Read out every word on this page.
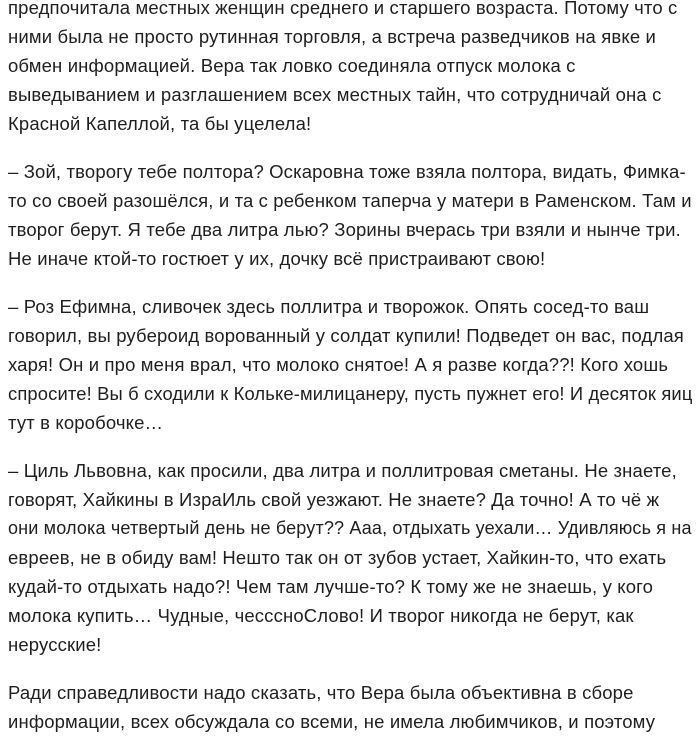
предпочитала местных женщин среднего и старшего возраста. Потому что с
ними была не просто рутинная торговля, а встреча разведчиков на явке и
обмен информацией. Вера так ловко соединяла отпуск молока с
выведыванием и разглашением всех местных тайн, что сотрудничай она с
Красной Капеллой, та бы уцелела!

– Зой, творогу тебе полтора? Оскаровна тоже взяла полтора, видать, Фимка-
то со своей разошёлся, и та с ребенком таперча у матери в Раменском. Там и
творог берут. Я тебе два литра лью? Зорины вчерась три взяли и нынче три.
Не иначе ктой-то гостюет у их, дочку всё пристраивают свою!

– Роз Ефимна, сливочек здесь поллитра и творожок. Опять сосед-то ваш
говорил, вы рубероид ворованный у солдат купили! Подведет он вас, подлая
харя! Он и про меня врал, что молоко снятое! А я разве когда??! Кого хошь
спросите! Вы б сходили к Кольке-милицанеру, пусть пужнет его! И десяток яиц
тут в коробочке…

– Циль Львовна, как просили, два литра и поллитровая сметаны. Не знаете,
говорят, Хайкины в ИзраИль свой уезжают. Не знаете? Да точно! А то чё ж
они молока четвертый день не берут?? Ааа, отдыхать уехали… Удивляюсь я на
евреев, не в обиду вам! Нешто так он от зубов устает, Хайкин-то, что ехать
кудай-то отдыхать надо?! Чем там лучше-то? К тому же не знаешь, у кого
молока купить… Чудные, чесссноСлово! И творог никогда не берут, как
нерусские!

Ради справедливости надо сказать, что Вера была объективна в сборе
информации, всех обсуждала со всеми, не имела любимчиков, и поэтому
